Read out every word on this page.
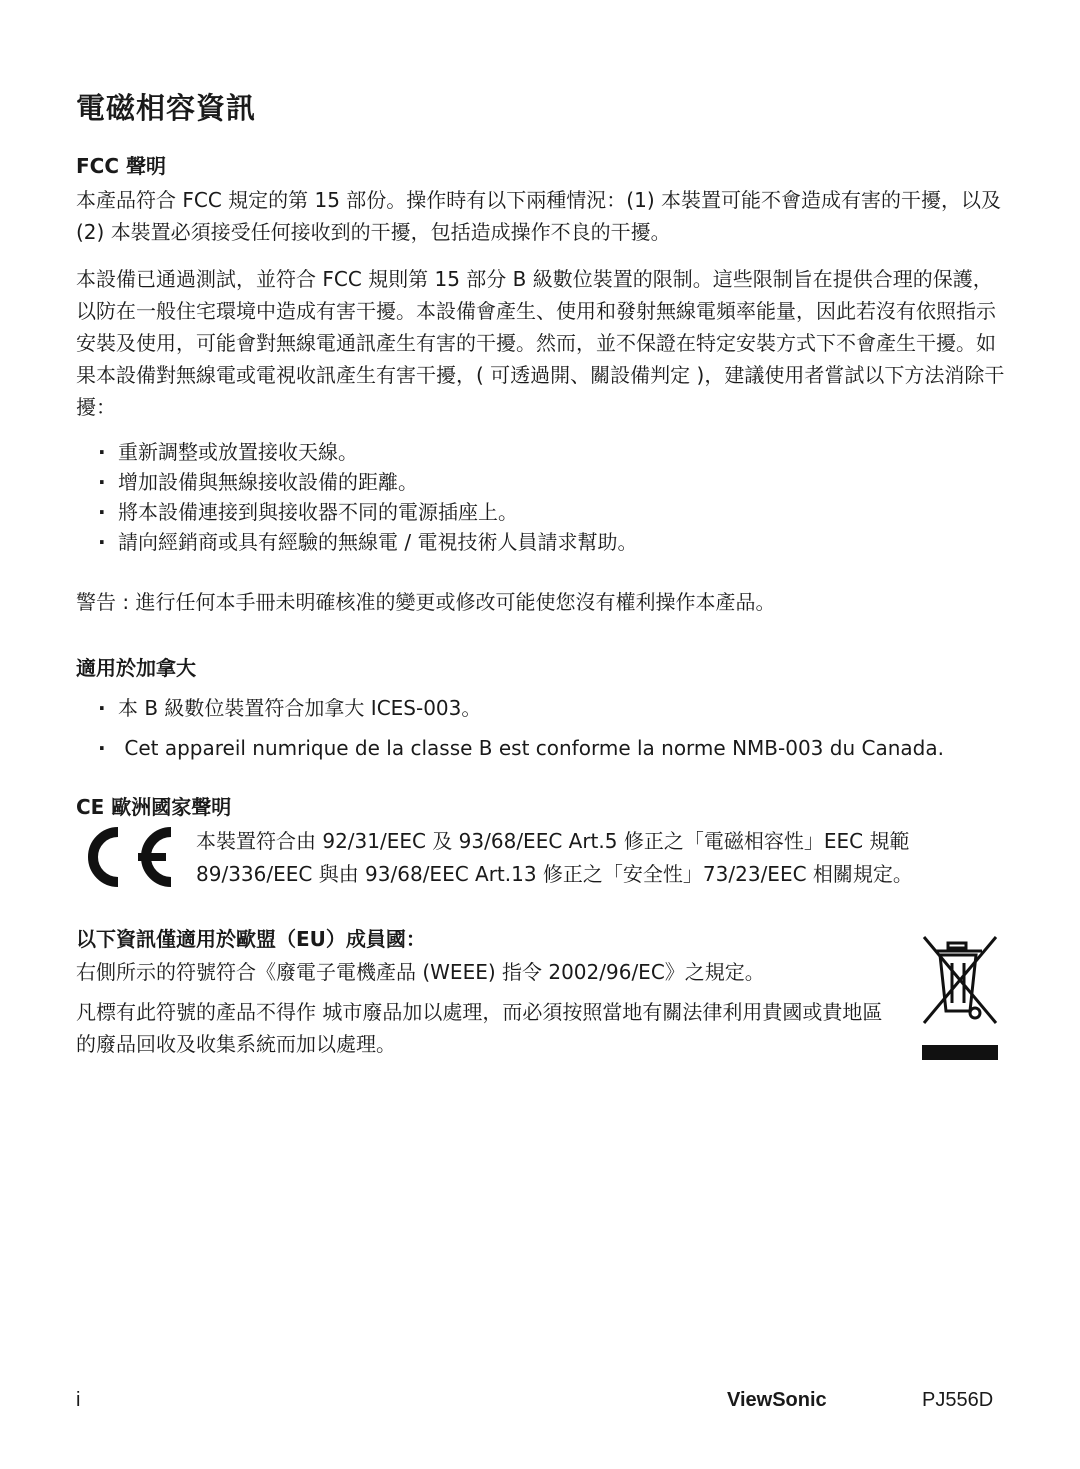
電磁相容資訊
FCC 聲明

本產品符合 FCC 規定的第 15 部份。操作時有以下兩種情況：(1) 本裝置可能不會造成有害的干擾，以及 (2) 本裝置必須接受任何接收到的干擾，包括造成操作不良的干擾。

本設備已通過測試，並符合 FCC 規則第 15 部分 B 級數位裝置的限制。這些限制旨在提供合理的保護，以防在一般住宅環境中造成有害干擾。本設備會產生、使用和發射無線電頻率能量，因此若沒有依照指示安裝及使用，可能會對無線電通訊產生有害的干擾。然而，並不保證在特定安裝方式下不會產生干擾。如果本設備對無線電或電視收訊產生有害干擾，( 可透過開、關設備判定 )，建議使用者嘗試以下方法消除干擾：

· 重新調整或放置接收天線。
· 增加設備與無線接收設備的距離。
· 將本設備連接到與接收器不同的電源插座上。
· 請向經銷商或具有經驗的無線電 / 電視技術人員請求幫助。

警告 : 進行任何本手冊未明確核准的變更或修改可能使您沒有權利操作本產品。

適用於加拿大
· 本 B 級數位裝置符合加拿大 ICES-003。
· Cet appareil numrique de la classe B est conforme la norme NMB-003 du Canada.
CE 歐洲國家聲明

本裝置符合由 92/31/EEC 及 93/68/EEC Art.5 修正之「電磁相容性」EEC 規範 89/336/EEC 與由 93/68/EEC Art.13 修正之「安全性」73/23/EEC 相關規定。

以下資訊僅適用於歐盟（EU）成員國：

右側所示的符號符合《廢電子電機產品 (WEEE) 指令 2002/96/EC》之規定。

凡標有此符號的產品不得作 城市廢品加以處理，而必須按照當地有關法律利用貴國或貴地區的廢品回收及收集系統而加以處理。

i	ViewSonic	PJ556D
